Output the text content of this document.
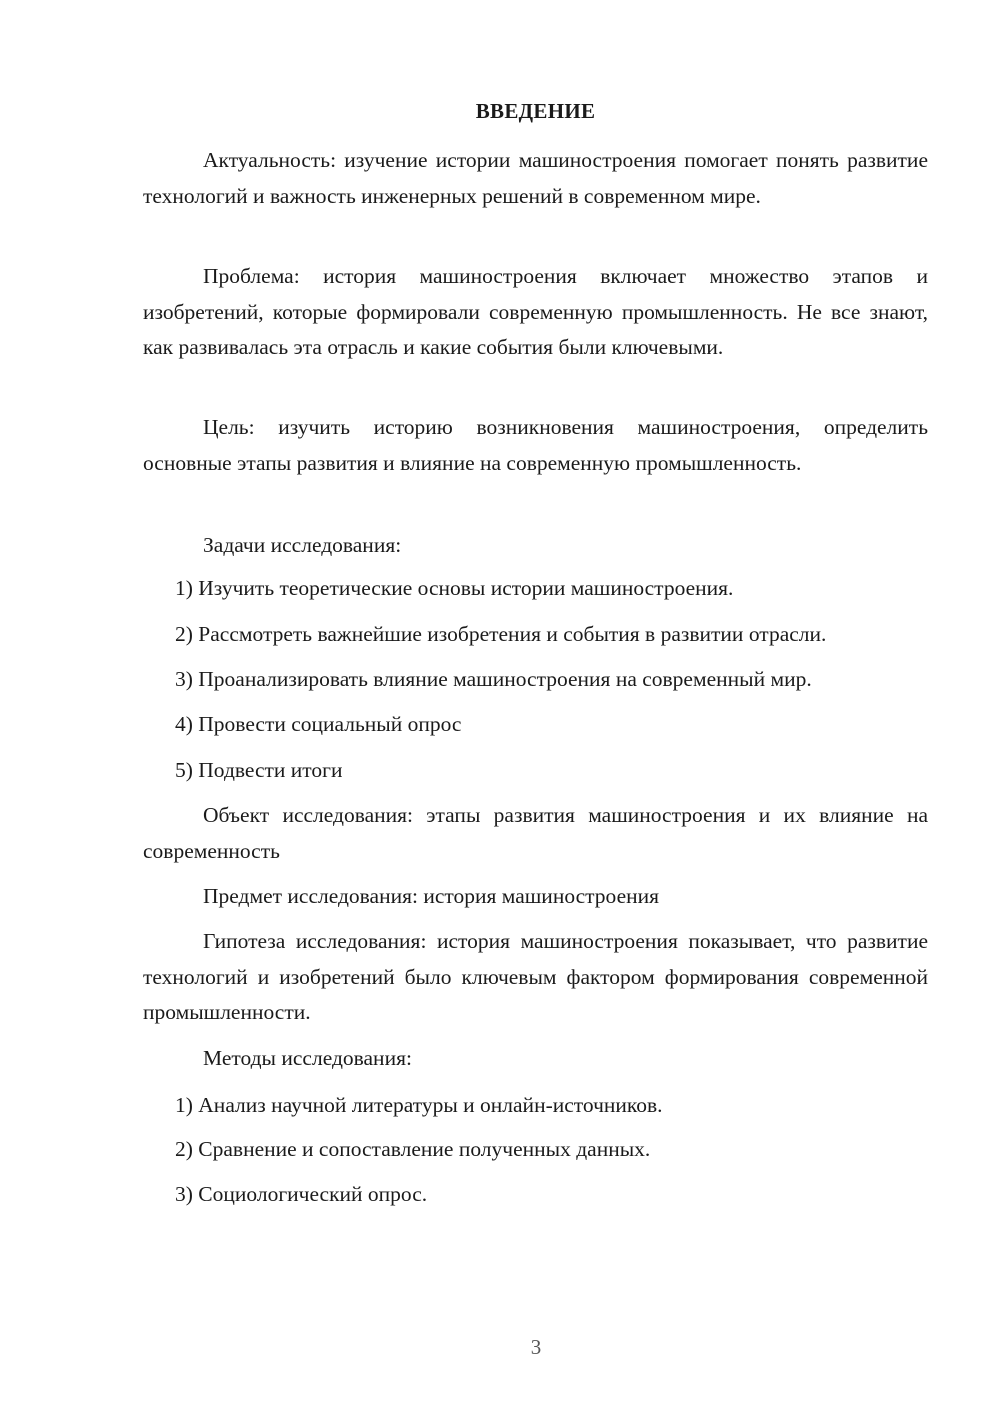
ВВЕДЕНИЕ

Актуальность: изучение истории машиностроения помогает понять развитие технологий и важность инженерных решений в современном мире.

Проблема: история машиностроения включает множество этапов и изобретений, которые формировали современную промышленность. Не все знают, как развивалась эта отрасль и какие события были ключевыми.

Цель: изучить историю возникновения машиностроения, определить основные этапы развития и влияние на современную промышленность.

Задачи исследования:

1) Изучить теоретические основы истории машиностроения.

2) Рассмотреть важнейшие изобретения и события в развитии отрасли.

3) Проанализировать влияние машиностроения на современный мир.

4) Провести социальный опрос

5) Подвести итоги

Объект исследования: этапы развития машиностроения и их влияние на современность

Предмет исследования: история машиностроения

Гипотеза исследования: история машиностроения показывает, что развитие технологий и изобретений было ключевым фактором формирования современной промышленности.

Методы исследования:

1) Анализ научной литературы и онлайн-источников.

2) Сравнение и сопоставление полученных данных.

3) Социологический опрос.

3
